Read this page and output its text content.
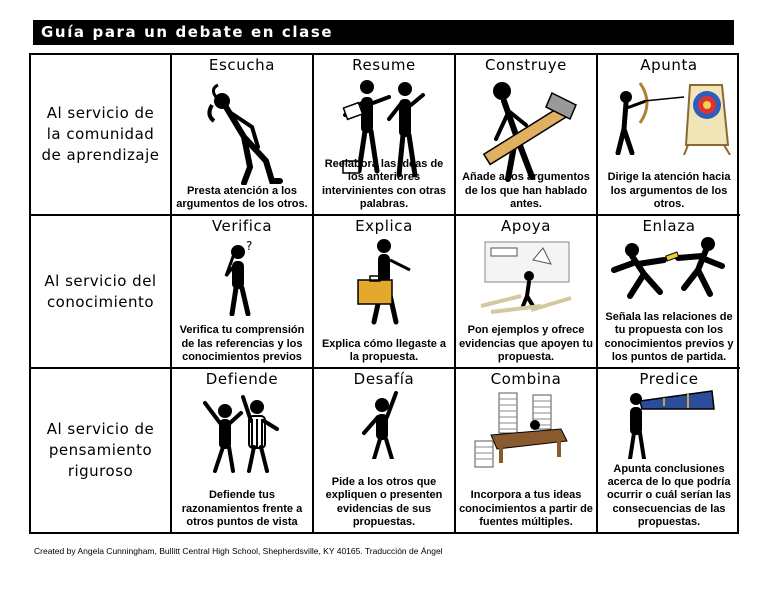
Guía para un debate en clase
Al servicio de la comunidad de aprendizaje
Escucha
Presta atención a los argumentos de los otros.
Resume
Reelabora las ideas de los anteriores intervinientes con otras palabras.
Construye
Añade a los argumentos de los que han hablado antes.
Apunta
Dirige la atención hacia los argumentos de los otros.
Al servicio del conocimiento
Verifica
?
Verifica tu comprensión de las referencias y los conocimientos previos
Explica
Explica cómo llegaste a la propuesta.
Apoya
Pon ejemplos y ofrece evidencias que apoyen tu propuesta.
Enlaza
Señala las relaciones de tu propuesta con los conocimientos previos y los puntos de partida.
Al servicio de pensamiento riguroso
Defiende
Defiende tus razonamientos frente a otros puntos de vista
Desafía
Pide a los otros que expliquen o presenten evidencias de sus propuestas.
Combina
Incorpora a tus ideas conocimientos a partir de fuentes múltiples.
Predice
Apunta conclusiones acerca de lo que podría ocurrir o cuál serían las consecuencias de las propuestas.
Created by Angela Cunningham, Bullitt Central High School, Shepherdsville, KY 40165. Traducción de Ángel
